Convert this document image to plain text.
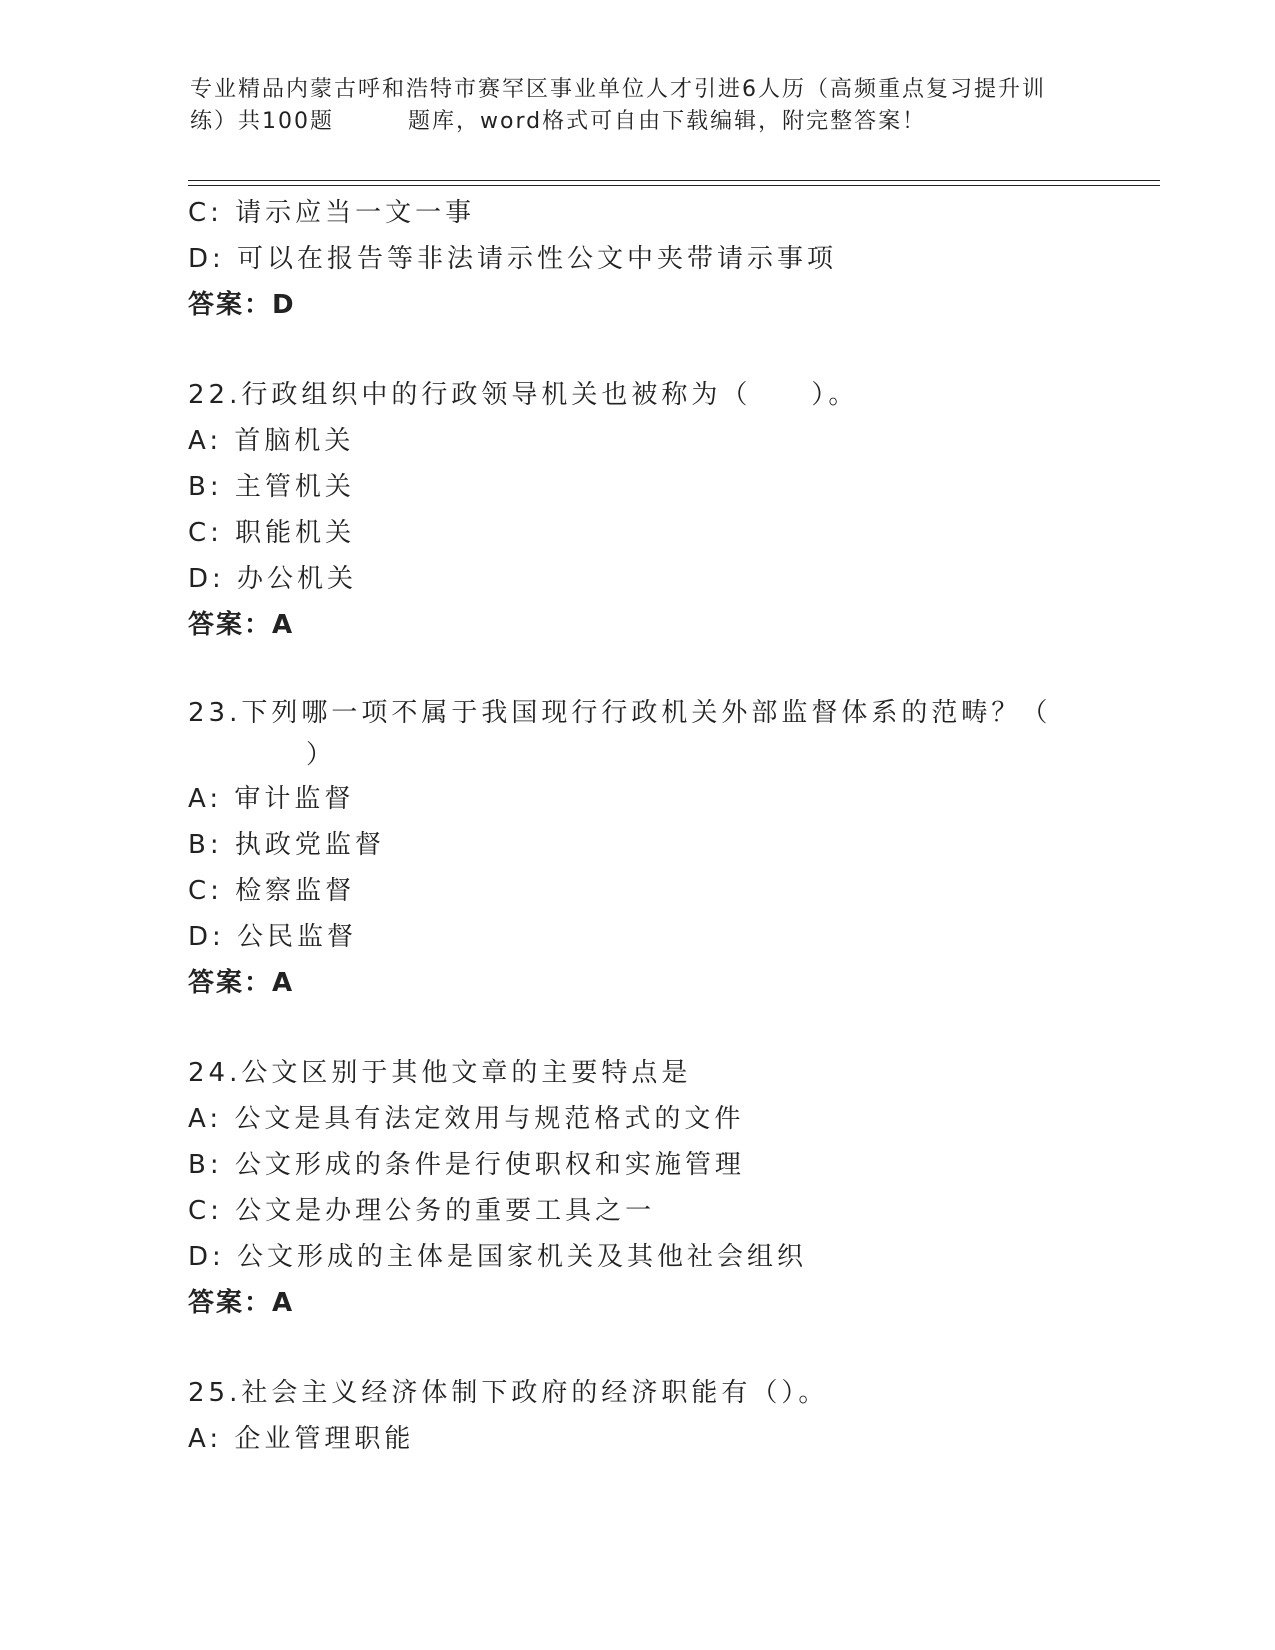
专业精品内蒙古呼和浩特市赛罕区事业单位人才引进6人历（高频重点复习提升训
练）共100题	题库，word格式可自由下载编辑，附完整答案！
C: 请示应当一文一事
D: 可以在报告等非法请示性公文中夹带请示事项
答案：D
22.行政组织中的行政领导机关也被称为（　　）。
A: 首脑机关
B: 主管机关
C: 职能机关
D: 办公机关
答案：A
23.下列哪一项不属于我国现行行政机关外部监督体系的范畴？（
）
A: 审计监督
B: 执政党监督
C: 检察监督
D: 公民监督
答案：A
24.公文区别于其他文章的主要特点是
A: 公文是具有法定效用与规范格式的文件
B: 公文形成的条件是行使职权和实施管理
C: 公文是办理公务的重要工具之一
D: 公文形成的主体是国家机关及其他社会组织
答案：A
25.社会主义经济体制下政府的经济职能有（）。
A: 企业管理职能
